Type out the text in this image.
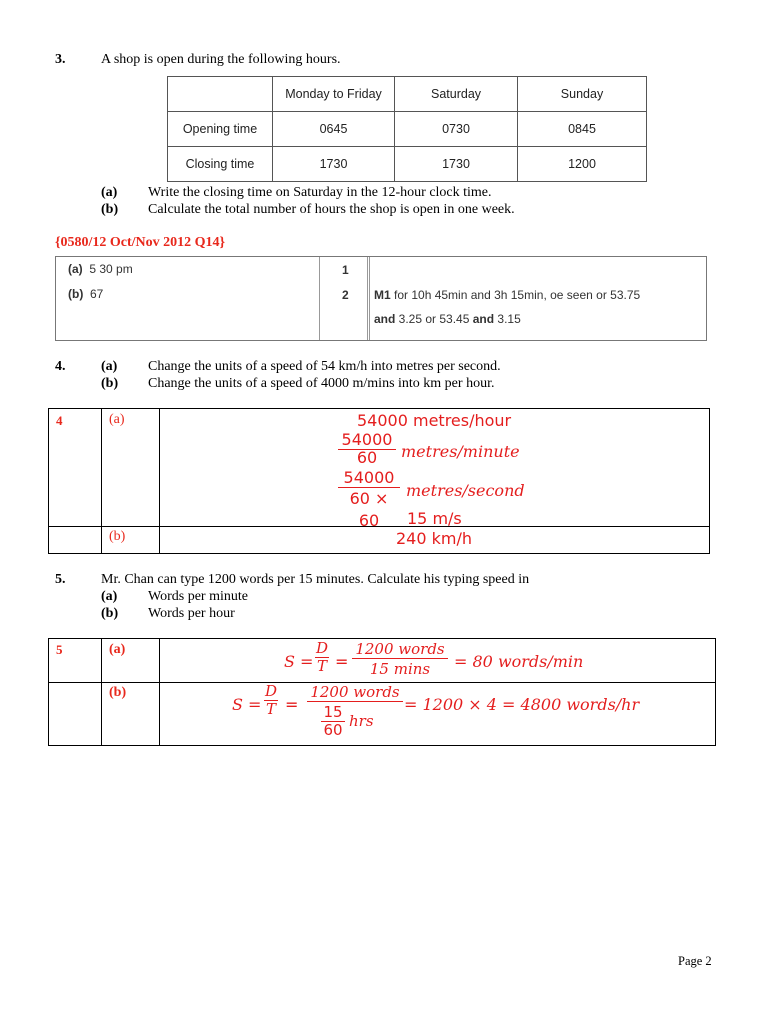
3.	A shop is open during the following hours.
	Monday to Friday	Saturday	Sunday
Opening time	0645	0730	0845
Closing time	1730	1730	1200
(a) Write the closing time on Saturday in the 12-hour clock time.
(b) Calculate the total number of hours the shop is open in one week.
{0580/12 Oct/Nov 2012 Q14}
(a) 5 30 pm	1
(b) 67	2 M1 for 10h 45min and 3h 15min, oe seen or 53.75
and 3.25 or 53.45 and 3.15
4.	(a) Change the units of a speed of 54 km/h into metres per second.
(b) Change the units of a speed of 4000 m/mins into km per hour.
4	(a)	54000 metres/hour
54000
60	metres/minute
54000
60 × 60
metres/second
15 m/s
(b)	240 km/h
5.	Mr. Chan can type 1200 words per 15 minutes. Calculate his typing speed in
(a) Words per minute
(b) Words per hour
5	(a)
S =
D
T =
1200 words
15 mins	= 80 words/min
(b)
S =
D
T =
1200 words
15
60 hrs
= 1200 × 4 = 4800 words/hr
Page 2
